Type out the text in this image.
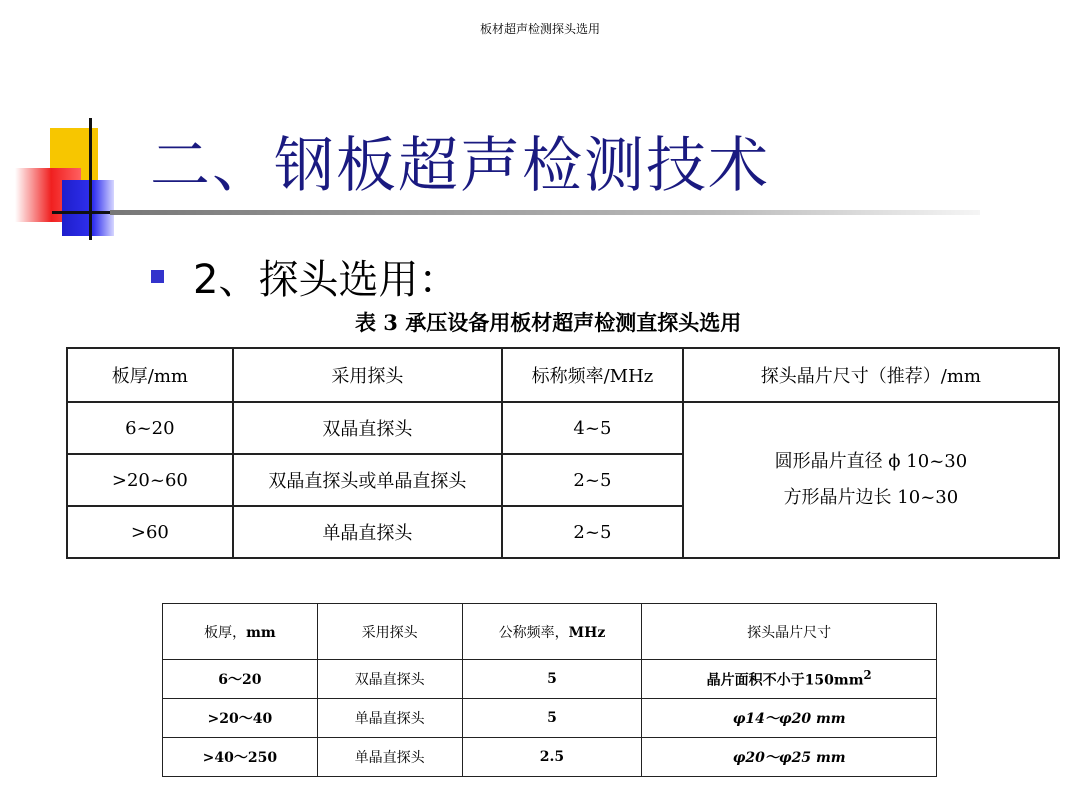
板材超声检测探头选用
二、钢板超声检测技术
2、探头选用：
表 3 承压设备用板材超声检测直探头选用
板厚/mm	采用探头	标称频率/MHz	探头晶片尺寸（推荐）/mm
6~20	双晶直探头	4~5	圆形晶片直径 ϕ 10~30
方形晶片边长 10~30

>20~60	双晶直探头或单晶直探头	2~5	
>60	单晶直探头	2~5	
板厚，mm	采用探头	公称频率，MHz	探头晶片尺寸
6～20	双晶直探头	5	晶片面积不小于$150mm^2$
>20～40	单晶直探头	5	φ14～φ20 mm
>40～250	单晶直探头	2.5	φ20～φ25 mm
